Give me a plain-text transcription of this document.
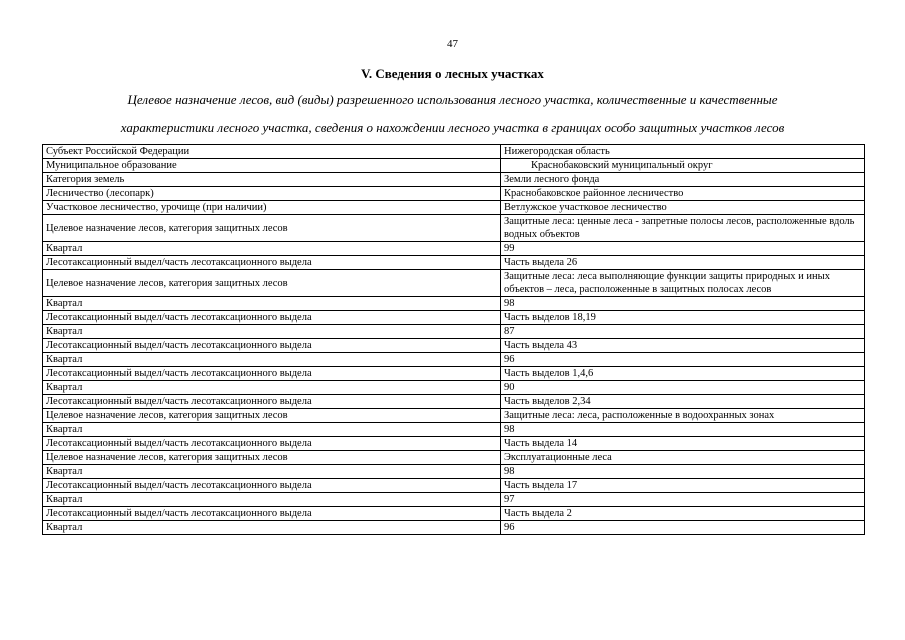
47
V. Сведения о лесных участках
Целевое назначение лесов, вид (виды) разрешенного использования лесного участка, количественные и качественные
характеристики лесного участка, сведения о нахождении лесного участка в границах особо защитных участков лесов
Субъект Российской Федерации	Нижегородская область
Муниципальное образование	Краснобаковский муниципальный округ
Категория земель	Земли лесного фонда
Лесничество (лесопарк)	Краснобаковское районное лесничество
Участковое лесничество, урочище (при наличии)	Ветлужское участковое лесничество
Целевое назначение лесов, категория защитных лесов	Защитные леса: ценные леса - запретные полосы лесов, расположенные вдоль водных объектов
Квартал	99
Лесотаксационный выдел/часть лесотаксационного выдела	Часть выдела 26
Целевое назначение лесов, категория защитных лесов	Защитные леса: леса выполняющие функции защиты природных и иных объектов – леса, расположенные в защитных полосах лесов
Квартал	98
Лесотаксационный выдел/часть лесотаксационного выдела	Часть выделов 18,19
Квартал	87
Лесотаксационный выдел/часть лесотаксационного выдела	Часть выдела 43
Квартал	96
Лесотаксационный выдел/часть лесотаксационного выдела	Часть выделов 1,4,6
Квартал	90
Лесотаксационный выдел/часть лесотаксационного выдела	Часть выделов 2,34
Целевое назначение лесов, категория защитных лесов	Защитные леса: леса, расположенные в водоохранных зонах
Квартал	98
Лесотаксационный выдел/часть лесотаксационного выдела	Часть выдела 14
Целевое назначение лесов, категория защитных лесов	Эксплуатационные леса
Квартал	98
Лесотаксационный выдел/часть лесотаксационного выдела	Часть выдела 17
Квартал	97
Лесотаксационный выдел/часть лесотаксационного выдела	Часть выдела 2
Квартал	96
